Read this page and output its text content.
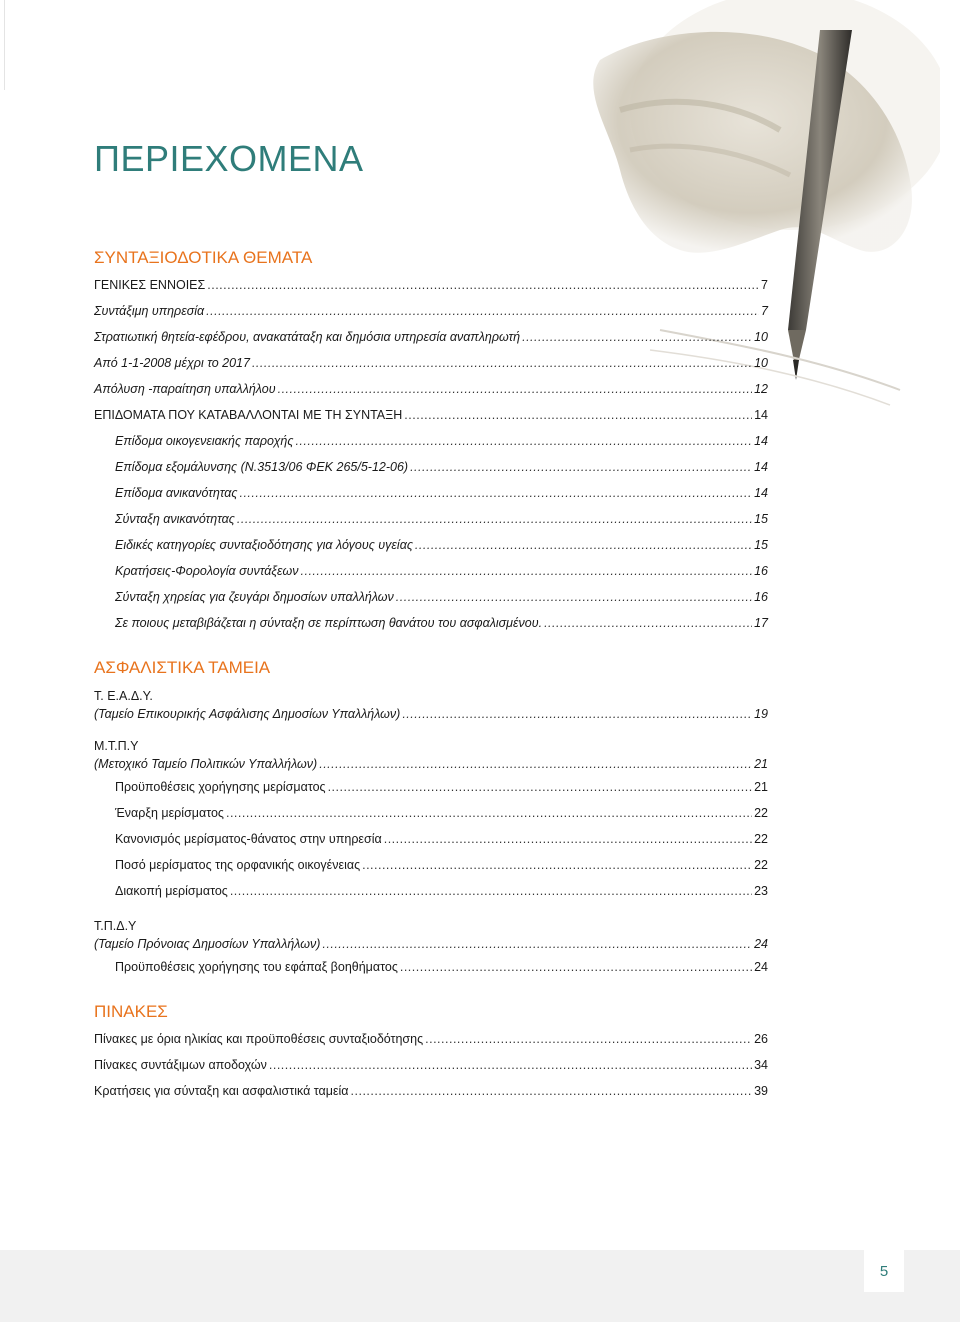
ΠΕΡΙΕΧΟΜΕΝΑ
ΣΥΝΤΑΞΙΟΔΟΤΙΚΑ ΘΕΜΑΤΑ
ΓΕΝΙΚΕΣ ΕΝΝΟΙΕΣ .....	7
Συντάξιμη υπηρεσία .....	7
Στρατιωτική θητεία-εφέδρου, ανακατάταξη και δημόσια υπηρεσία αναπληρωτή .....	10
Από 1-1-2008 μέχρι το 2017 .....	10
Απόλυση -παραίτηση υπαλλήλου .....	12
ΕΠΙΔΟΜΑΤΑ ΠΟΥ ΚΑΤΑΒΑΛΛΟΝΤΑΙ ΜΕ ΤΗ ΣΥΝΤΑΞΗ .....	14
Επίδομα οικογενειακής παροχής .....	14
Επίδομα εξομάλυνσης (Ν.3513/06 ΦΕΚ 265/5-12-06) .....	14
Επίδομα ανικανότητας .....	14
Σύνταξη ανικανότητας .....	15
Ειδικές κατηγορίες συνταξιοδότησης για λόγους υγείας .....	15
Κρατήσεις-Φορολογία συντάξεων .....	16
Σύνταξη χηρείας για ζευγάρι δημοσίων υπαλλήλων .....	16
Σε ποιους μεταβιβάζεται η σύνταξη σε περίπτωση θανάτου του ασφαλισμένου. .....	17
ΑΣΦΑΛΙΣΤΙΚΑ ΤΑΜΕΙΑ
Τ. Ε.Α.Δ.Υ.
(Ταμείο Επικουρικής Ασφάλισης Δημοσίων Υπαλλήλων) .....	19
Μ.Τ.Π.Υ
(Μετοχικό Ταμείο Πολιτικών Υπαλλήλων) .....	21
Προϋποθέσεις χορήγησης μερίσματος .....	21
Έναρξη μερίσματος .....	22
Κανονισμός μερίσματος-θάνατος στην υπηρεσία .....	22
Ποσό μερίσματος της ορφανικής οικογένειας .....	22
Διακοπή μερίσματος .....	23
Τ.Π.Δ.Υ
(Ταμείο Πρόνοιας Δημοσίων Υπαλλήλων) .....	24
Προϋποθέσεις χορήγησης του εφάπαξ βοηθήματος .....	24
ΠΙΝΑΚΕΣ
Πίνακες με όρια ηλικίας και προϋποθέσεις συνταξιοδότησης .....	26
Πίνακες συντάξιμων αποδοχών .....	34
Κρατήσεις για σύνταξη και ασφαλιστικά ταμεία .....	39
5
